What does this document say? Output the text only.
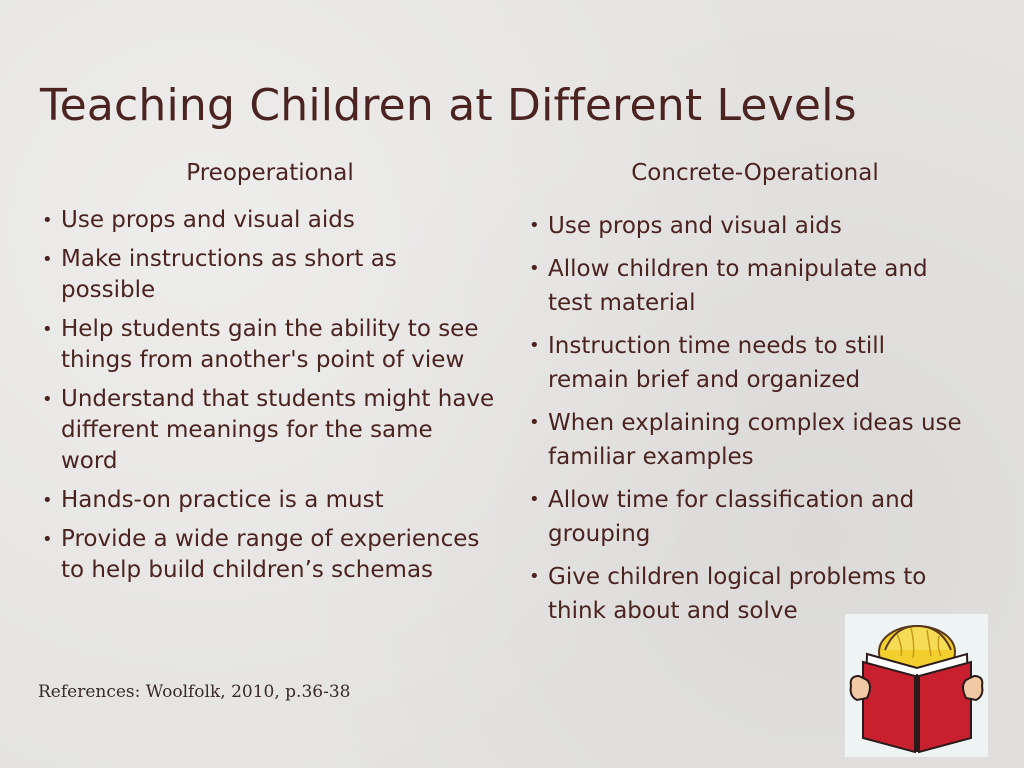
Teaching Children at Different Levels
Preoperational	Concrete-Operational
• Use props and visual aids
• Make instructions as short as possible
• Help students gain the ability to see things from another's point of view
• Understand that students might have different meanings for the same word
• Hands-on practice is a must
• Provide a wide range of experiences to help build children’s schemas
• Use props and visual aids
• Allow children to manipulate and test material
• Instruction time needs to still remain brief and organized
• When explaining complex ideas use familiar examples
• Allow time for classification and grouping
• Give children logical problems to think about and solve
References: Woolfolk, 2010, p.36-38
